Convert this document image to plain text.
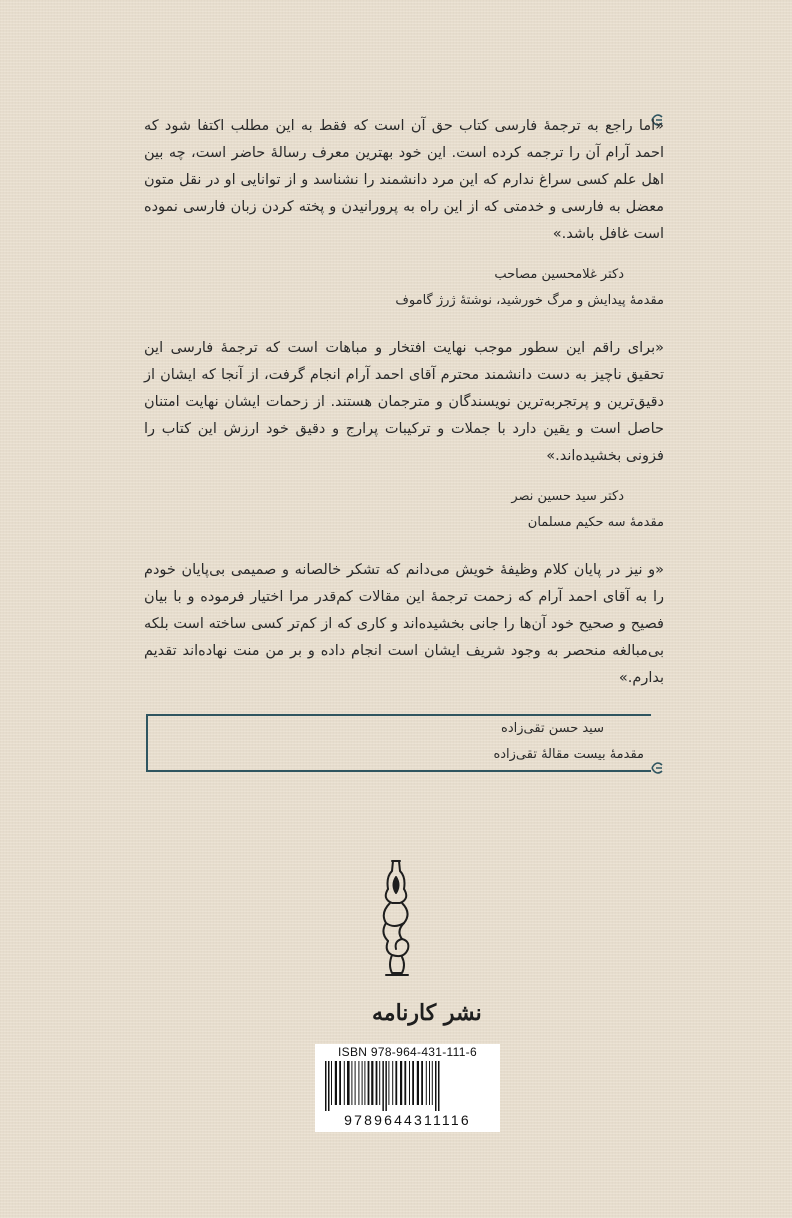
«اما راجع به ترجمهٔ فارسی کتاب حق آن است که فقط به این مطلب اکتفا شود که احمد آرام آن را ترجمه کرده است. این خود بهترین معرف رسالهٔ حاضر است، چه بین اهل علم کسی سراغ ندارم که این مرد دانشمند را نشناسد و از توانایی او در نقل متون معضل به فارسی و خدمتی که از این راه به پرورانیدن و پخته کردن زبان فارسی نموده است غافل باشد.»

دکتر غلامحسین مصاحب
مقدمهٔ پیدایش و مرگ خورشید، نوشتهٔ ژرژ گاموف

«برای راقم این سطور موجب نهایت افتخار و مباهات است که ترجمهٔ فارسی این تحقیق ناچیز به دست دانشمند محترم آقای احمد آرام انجام گرفت، از آنجا که ایشان از دقیق‌ترین و پرتجربه‌ترین نویسندگان و مترجمان هستند. از زحمات ایشان نهایت امتنان حاصل است و یقین دارد با جملات و ترکیبات پرارج و دقیق خود ارزش این کتاب را فزونی بخشیده‌اند.»

دکتر سید حسین نصر
مقدمهٔ سه حکیم مسلمان

«و نیز در پایان کلام وظیفهٔ خویش می‌دانم که تشکر خالصانه و صمیمی بی‌پایان خودم را به آقای احمد آرام که زحمت ترجمهٔ این مقالات کم‌قدر مرا اختیار فرموده و با بیان فصیح و صحیح خود آن‌ها را جانی بخشیده‌اند و کاری که از کم‌تر کسی ساخته است بلکه بی‌مبالغه منحصر به وجود شریف ایشان است انجام داده و بر من منت نهاده‌اند تقدیم بدارم.»

سید حسن تقی‌زاده
مقدمهٔ بیست مقالهٔ تقی‌زاده
نشر کارنامه
ISBN 978-964-431-111-6
9789644311116
